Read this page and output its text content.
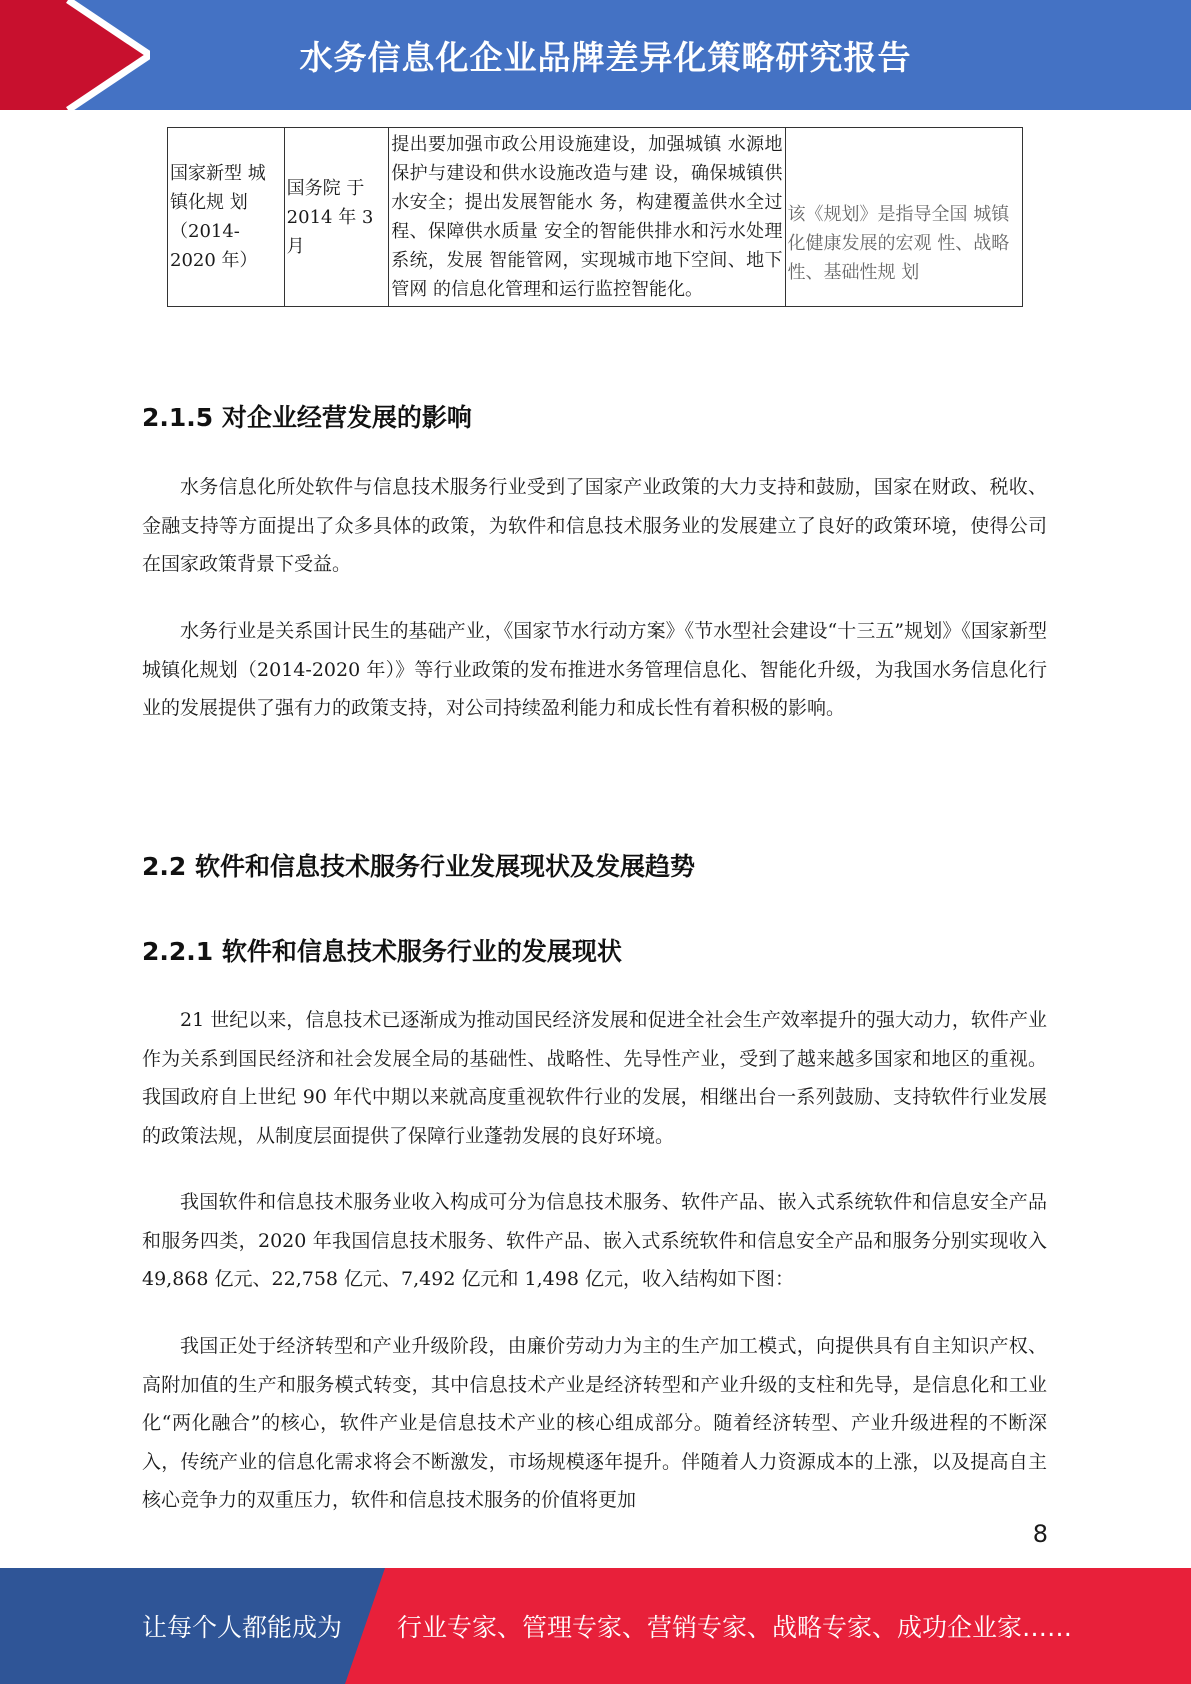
水务信息化企业品牌差异化策略研究报告
国家新型 城镇化规 划（2014-2020 年）	国务院 于 2014 年 3 月	提出要加强市政公用设施建设，加强城镇 水源地保护与建设和供水设施改造与建 设，确保城镇供水安全；提出发展智能水 务，构建覆盖供水全过程、保障供水质量 安全的智能供排水和污水处理系统，发展 智能管网，实现城市地下空间、地下管网 的信息化管理和运行监控智能化。	该《规划》是指导全国 城镇化健康发展的宏观 性、战略性、基础性规 划
2.1.5 对企业经营发展的影响

水务信息化所处软件与信息技术服务行业受到了国家产业政策的大力支持和鼓励，国家在财政、税收、金融支持等方面提出了众多具体的政策，为软件和信息技术服务业的发展建立了良好的政策环境，使得公司在国家政策背景下受益。

水务行业是关系国计民生的基础产业，《国家节水行动方案》《节水型社会建设“十三五”规划》《国家新型城镇化规划（2014-2020 年）》等行业政策的发布推进水务管理信息化、智能化升级，为我国水务信息化行业的发展提供了强有力的政策支持，对公司持续盈利能力和成长性有着积极的影响。

2.2 软件和信息技术服务行业发展现状及发展趋势
2.2.1 软件和信息技术服务行业的发展现状

21 世纪以来，信息技术已逐渐成为推动国民经济发展和促进全社会生产效率提升的强大动力，软件产业作为关系到国民经济和社会发展全局的基础性、战略性、先导性产业，受到了越来越多国家和地区的重视。我国政府自上世纪 90 年代中期以来就高度重视软件行业的发展，相继出台一系列鼓励、支持软件行业发展的政策法规，从制度层面提供了保障行业蓬勃发展的良好环境。

我国软件和信息技术服务业收入构成可分为信息技术服务、软件产品、嵌入式系统软件和信息安全产品和服务四类，2020 年我国信息技术服务、软件产品、嵌入式系统软件和信息安全产品和服务分别实现收入 49,868 亿元、22,758 亿元、7,492 亿元和 1,498 亿元，收入结构如下图：

我国正处于经济转型和产业升级阶段，由廉价劳动力为主的生产加工模式，向提供具有自主知识产权、高附加值的生产和服务模式转变，其中信息技术产业是经济转型和产业升级的支柱和先导，是信息化和工业化“两化融合”的核心，软件产业是信息技术产业的核心组成部分。随着经济转型、产业升级进程的不断深入，传统产业的信息化需求将会不断激发，市场规模逐年提升。伴随着人力资源成本的上涨，以及提高自主核心竞争力的双重压力，软件和信息技术服务的价值将更加

8
让每个人都能成为 行业专家、管理专家、营销专家、战略专家、成功企业家……
